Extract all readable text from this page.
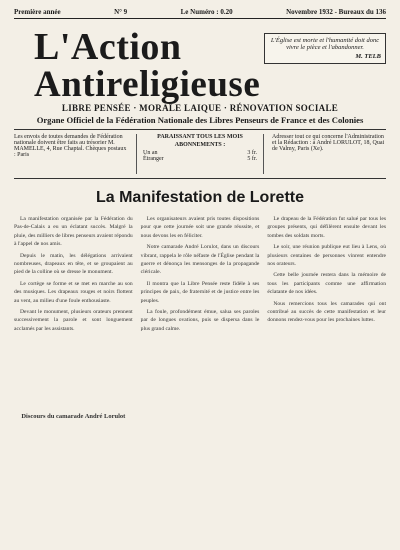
Première année	N° 9	Le Numéro : 0.20	Novembre 1932 - Bureaux du 136
L'Action
Antireligieuse
L'Église est morte et l'humanité doit donc vivre le pièce et l'abandonner.
M. TELB
LIBRE PENSÉE · MORALE LAIQUE · RÉNOVATION SOCIALE
Organe Officiel de la Fédération Nationale des Libres Penseurs de France et des Colonies
Les envois de toutes demandes de Fédération nationale doivent être faits au trésorier M. MAMELLE, 4, Rue Chaptal. Chèques postaux : Paris
PARAISSANT TOUS LES MOIS
ABONNEMENTS :
Un an	3 fr.
Étranger	5 fr.
Adresser tout ce qui concerne l'Administration et la Rédaction : à André LORULOT, 18, Quai de Valmy, Paris (Xe).
La Manifestation de Lorette

La manifestation organisée par la Fédération du Pas-de-Calais a eu un éclatant succès. Malgré la pluie, des milliers de libres penseurs avaient répondu à l'appel de nos amis.

Depuis le matin, les délégations arrivaient nombreuses, drapeaux en tête, et se groupaient au pied de la colline où se dresse le monument.

Le cortège se forme et se met en marche au son des musiques. Les drapeaux rouges et noirs flottent au vent, au milieu d'une foule enthousiaste.

Devant le monument, plusieurs orateurs prennent successivement la parole et sont longuement acclamés par les assistants.

Discours du camarade André Lorulot

Les organisateurs avaient pris toutes dispositions pour que cette journée soit une grande réussite, et nous devons les en féliciter.

Notre camarade André Lorulot, dans un discours vibrant, rappela le rôle néfaste de l'Église pendant la guerre et dénonça les mensonges de la propagande cléricale.

Il montra que la Libre Pensée reste fidèle à ses principes de paix, de fraternité et de justice entre les peuples.

La foule, profondément émue, salua ses paroles par de longues ovations, puis se dispersa dans le plus grand calme.

Le drapeau de la Fédération fut salué par tous les groupes présents, qui défilèrent ensuite devant les tombes des soldats morts.

Le soir, une réunion publique eut lieu à Lens, où plusieurs centaines de personnes vinrent entendre nos orateurs.

Cette belle journée restera dans la mémoire de tous les participants comme une affirmation éclatante de nos idées.

Nous remercions tous les camarades qui ont contribué au succès de cette manifestation et leur donnons rendez-vous pour les prochaines luttes.
